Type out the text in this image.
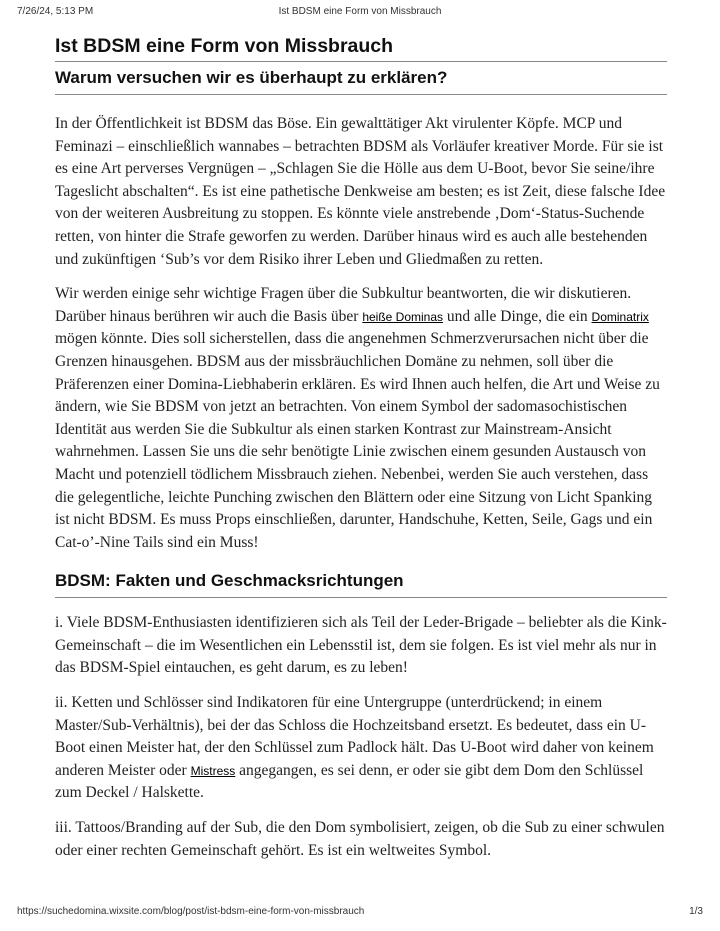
7/26/24, 5:13 PM	Ist BDSM eine Form von Missbrauch
Ist BDSM eine Form von Missbrauch
Warum versuchen wir es überhaupt zu erklären?

In der Öffentlichkeit ist BDSM das Böse. Ein gewalttätiger Akt virulenter Köpfe. MCP und Feminazi – einschließlich wannabes – betrachten BDSM als Vorläufer kreativer Morde. Für sie ist es eine Art perverses Vergnügen – „Schlagen Sie die Hölle aus dem U-Boot, bevor Sie seine/ihre Tageslicht abschalten“. Es ist eine pathetische Denkweise am besten; es ist Zeit, diese falsche Idee von der weiteren Ausbreitung zu stoppen. Es könnte viele anstrebende ‚Dom‘-Status-Suchende retten, von hinter die Strafe geworfen zu werden. Darüber hinaus wird es auch alle bestehenden und zukünftigen ‘Sub’s vor dem Risiko ihrer Leben und Gliedmaßen zu retten.

Wir werden einige sehr wichtige Fragen über die Subkultur beantworten, die wir diskutieren. Darüber hinaus berühren wir auch die Basis über heiße Dominas und alle Dinge, die ein Dominatrix mögen könnte. Dies soll sicherstellen, dass die angenehmen Schmerzverursachen nicht über die Grenzen hinausgehen. BDSM aus der missbräuchlichen Domäne zu nehmen, soll über die Präferenzen einer Domina-Liebhaberin erklären. Es wird Ihnen auch helfen, die Art und Weise zu ändern, wie Sie BDSM von jetzt an betrachten. Von einem Symbol der sadomasochistischen Identität aus werden Sie die Subkultur als einen starken Kontrast zur Mainstream-Ansicht wahrnehmen. Lassen Sie uns die sehr benötigte Linie zwischen einem gesunden Austausch von Macht und potenziell tödlichem Missbrauch ziehen. Nebenbei, werden Sie auch verstehen, dass die gelegentliche, leichte Punching zwischen den Blättern oder eine Sitzung von Licht Spanking ist nicht BDSM. Es muss Props einschließen, darunter, Handschuhe, Ketten, Seile, Gags und ein Cat-o’-Nine Tails sind ein Muss!

BDSM: Fakten und Geschmacksrichtungen

i. Viele BDSM-Enthusiasten identifizieren sich als Teil der Leder-Brigade – beliebter als die Kink-Gemeinschaft – die im Wesentlichen ein Lebensstil ist, dem sie folgen. Es ist viel mehr als nur in das BDSM-Spiel eintauchen, es geht darum, es zu leben!

ii. Ketten und Schlösser sind Indikatoren für eine Untergruppe (unterdrückend; in einem Master/Sub-Verhältnis), bei der das Schloss die Hochzeitsband ersetzt. Es bedeutet, dass ein U-Boot einen Meister hat, der den Schlüssel zum Padlock hält. Das U-Boot wird daher von keinem anderen Meister oder Mistress angegangen, es sei denn, er oder sie gibt dem Dom den Schlüssel zum Deckel / Halskette.

iii. Tattoos/Branding auf der Sub, die den Dom symbolisiert, zeigen, ob die Sub zu einer schwulen oder einer rechten Gemeinschaft gehört. Es ist ein weltweites Symbol.

https://suchedomina.wixsite.com/blog/post/ist-bdsm-eine-form-von-missbrauch	1/3
